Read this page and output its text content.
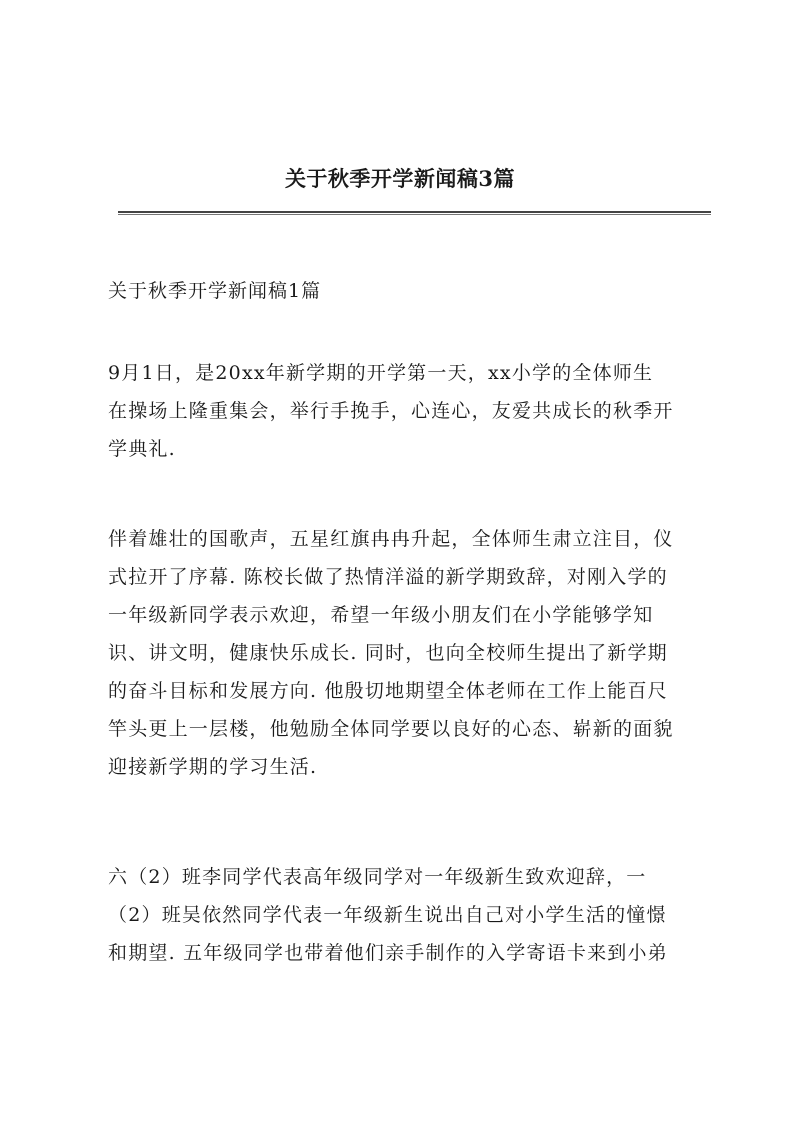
关于秋季开学新闻稿3篇
关于秋季开学新闻稿1篇

9月1日，是20xx年新学期的开学第一天，xx小学的全体师生
在操场上隆重集会，举行手挽手，心连心，友爱共成长的秋季开
学典礼.

伴着雄壮的国歌声，五星红旗冉冉升起，全体师生肃立注目，仪
式拉开了序幕. 陈校长做了热情洋溢的新学期致辞，对刚入学的
一年级新同学表示欢迎，希望一年级小朋友们在小学能够学知
识、讲文明，健康快乐成长. 同时，也向全校师生提出了新学期
的奋斗目标和发展方向. 他殷切地期望全体老师在工作上能百尺
竿头更上一层楼，他勉励全体同学要以良好的心态、崭新的面貌
迎接新学期的学习生活.

六（2）班李同学代表高年级同学对一年级新生致欢迎辞，一
（2）班吴依然同学代表一年级新生说出自己对小学生活的憧憬
和期望. 五年级同学也带着他们亲手制作的入学寄语卡来到小弟
